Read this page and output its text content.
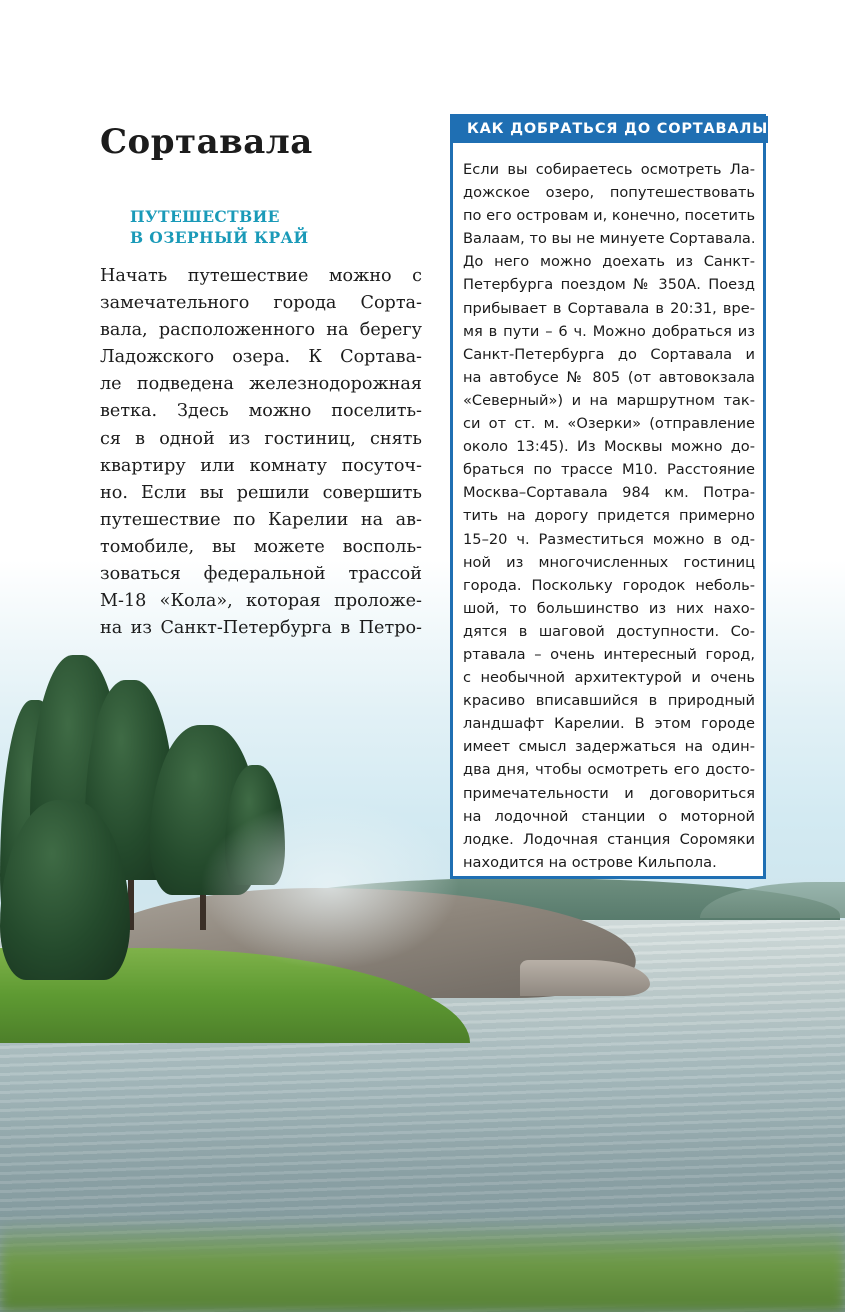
Сортавала
ПУТЕШЕСТВИЕ
В ОЗЕРНЫЙ КРАЙ
Начать путешествие можно с
замечательного города Сорта-
вала, расположенного на берегу
Ладожского озера. К Сортава-
ле подведена железнодорожная
ветка. Здесь можно поселить-
ся в одной из гостиниц, снять
квартиру или комнату посуточ-
но. Если вы решили совершить
путешествие по Карелии на ав-
томобиле, вы можете восполь-
зоваться федеральной трассой
М-18 «Кола», которая проложе-
на из Санкт-Петербурга в Петро-
КАК ДОБРАТЬСЯ ДО СОРТАВАЛЫ
Если вы собираетесь осмотреть Ла-
дожское озеро, попутешествовать
по его островам и, конечно, посетить
Валаам, то вы не минуете Сортавала.
До него можно доехать из Санкт-
Петербурга поездом № 350А. Поезд
прибывает в Сортавала в 20:31, вре-
мя в пути – 6 ч. Можно добраться из
Санкт-Петербурга до Сортавала и
на автобусе № 805 (от автовокзала
«Северный») и на маршрутном так-
си от ст. м. «Озерки» (отправление
около 13:45). Из Москвы можно до-
браться по трассе М10. Расстояние
Москва–Сортавала 984 км. Потра-
тить на дорогу придется примерно
15–20 ч. Разместиться можно в од-
ной из многочисленных гостиниц
города. Поскольку городок неболь-
шой, то большинство из них нахо-
дятся в шаговой доступности. Со-
ртавала – очень интересный город,
с необычной архитектурой и очень
красиво вписавшийся в природный
ландшафт Карелии. В этом городе
имеет смысл задержаться на один-
два дня, чтобы осмотреть его досто-
примечательности и договориться
на лодочной станции о моторной
лодке. Лодочная станция Соромяки
находится на острове Кильпола.
